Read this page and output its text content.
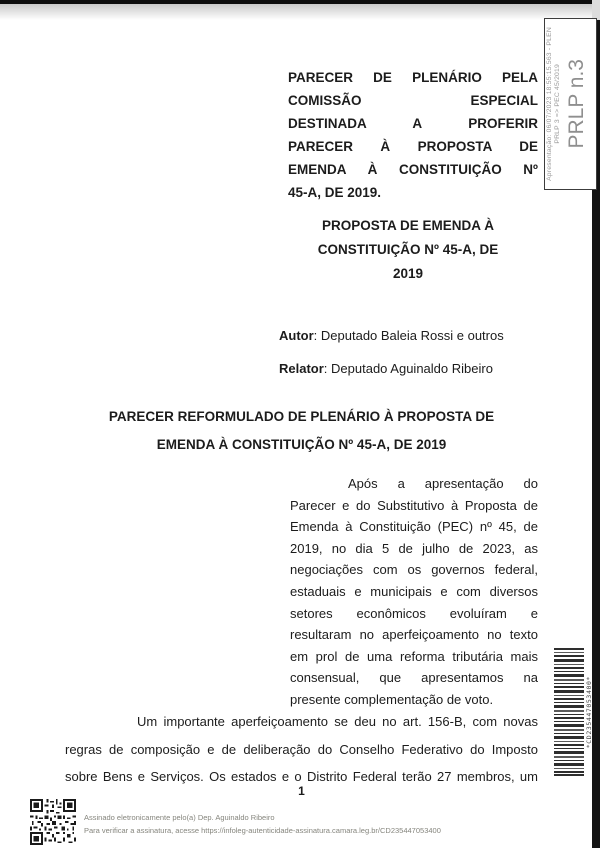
Apresentação: 06/07/2023 18:55:15.563 - PLEN PRLP 3 => PEC 45/2019 PRLP n.3
PARECER DE PLENÁRIO PELA
COMISSÃO ESPECIAL
DESTINADA A PROFERIR
PARECER À PROPOSTA DE
EMENDA À CONSTITUIÇÃO Nº
45-A, DE 2019.
PROPOSTA DE EMENDA À
CONSTITUIÇÃO Nº 45-A, DE
2019
Autor: Deputado Baleia Rossi e outros
Relator: Deputado Aguinaldo Ribeiro
PARECER REFORMULADO DE PLENÁRIO À PROPOSTA DE
EMENDA À CONSTITUIÇÃO Nº 45-A, DE 2019
Após a apresentação do
Parecer e do Substitutivo à Proposta de
Emenda à Constituição (PEC) nº 45, de
2019, no dia 5 de julho de 2023, as
negociações com os governos federal,
estaduais e municipais e com diversos
setores econômicos evoluíram e
resultaram no aperfeiçoamento no texto
em prol de uma reforma tributária mais
consensual, que apresentamos na
presente complementação de voto.
Um importante aperfeiçoamento se deu no art. 156-B, com novas
regras de composição e de deliberação do Conselho Federativo do Imposto
sobre Bens e Serviços. Os estados e o Distrito Federal terão 27 membros, um
1
Assinado eletronicamente pelo(a) Dep. Aguinaldo Ribeiro
Para verificar a assinatura, acesse https://infoleg-autenticidade-assinatura.camara.leg.br/CD235447053400
*CD235447053400*
